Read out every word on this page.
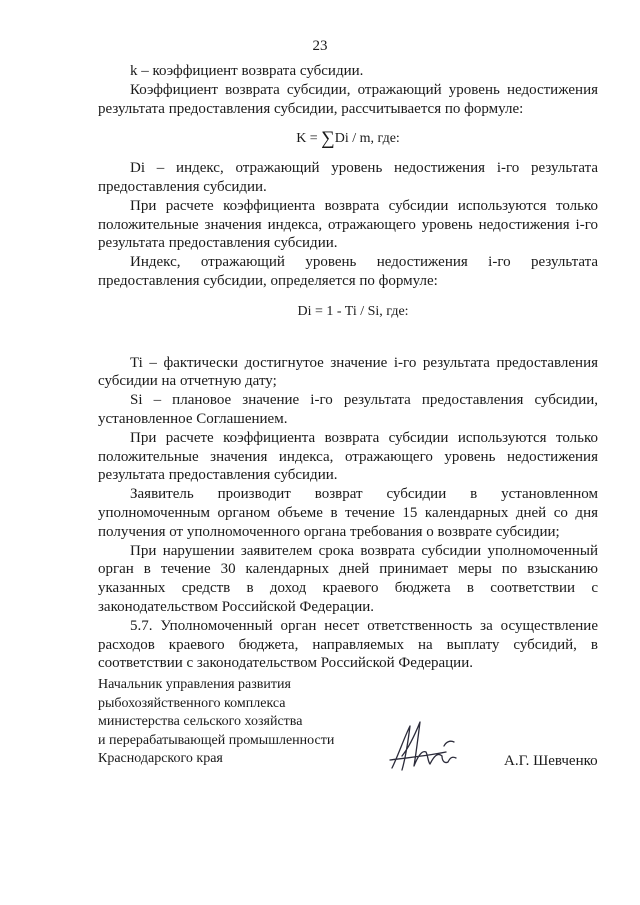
23

k – коэффициент возврата субсидии.

Коэффициент возврата субсидии, отражающий уровень недостижения результата предоставления субсидии, рассчитывается по формуле:

K = ∑Di / m, где:

Di – индекс, отражающий уровень недостижения i-го результата предоставления субсидии.

При расчете коэффициента возврата субсидии используются только положительные значения индекса, отражающего уровень недостижения i-го результата предоставления субсидии.

Индекс, отражающий уровень недостижения i-го результата предоставления субсидии, определяется по формуле:

Di = 1 - Ti / Si, где:

Ti – фактически достигнутое значение i-го результата предоставления субсидии на отчетную дату;

Si – плановое значение i-го результата предоставления субсидии, установленное Соглашением.

При расчете коэффициента возврата субсидии используются только положительные значения индекса, отражающего уровень недостижения результата предоставления субсидии.

Заявитель производит возврат субсидии в установленном уполномоченным органом объеме в течение 15 календарных дней со дня получения от уполномоченного органа требования о возврате субсидии;

При нарушении заявителем срока возврата субсидии уполномоченный орган в течение 30 календарных дней принимает меры по взысканию указанных средств в доход краевого бюджета в соответствии с законодательством Российской Федерации.

5.7. Уполномоченный орган несет ответственность за осуществление расходов краевого бюджета, направляемых на выплату субсидий, в соответствии с законодательством Российской Федерации.

Начальник управления развития
рыбохозяйственного комплекса
министерства сельского хозяйства
и перерабатывающей промышленности
Краснодарского края	А.Г. Шевченко
